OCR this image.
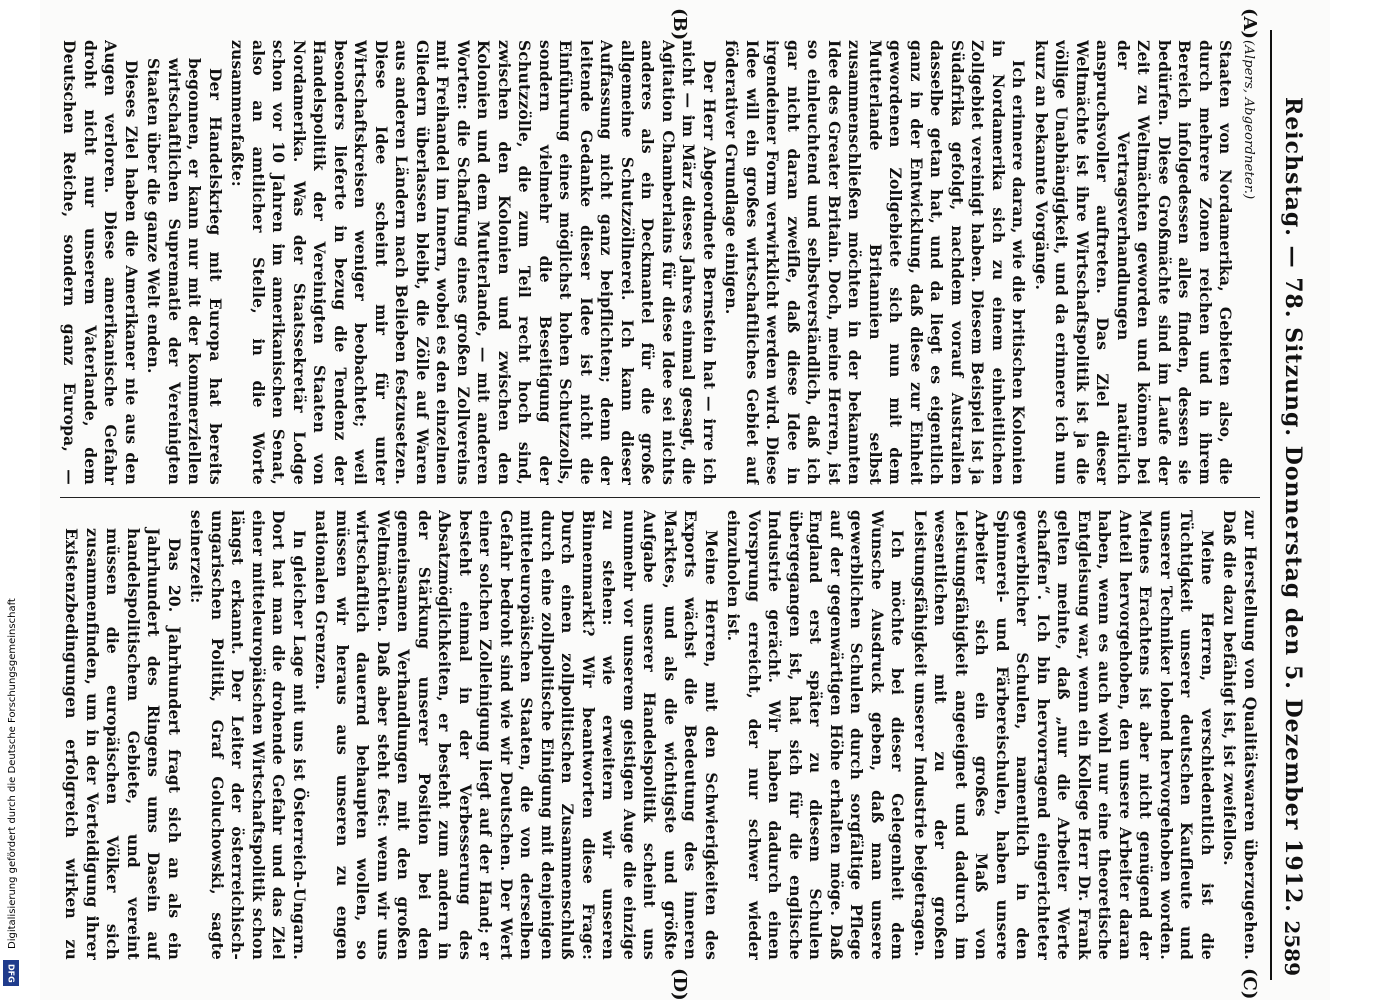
Reichstag. — 78. Sitzung. Donnerstag den 5. Dezember 1912.
2589
(A)
(B)
(C)
(D)

(Alpers, Abgeordneter.)

Staaten von Nordamerika, Gebieten also, die durch mehrere Zonen reichen und in ihrem Bereich infolgedessen alles finden, dessen sie bedürfen. Diese Großmächte sind im Laufe der Zeit zu Weltmächten geworden und können bei der Vertragsverhandlungen natürlich anspruchsvoller auftreten. Das Ziel dieser Weltmächte ist ihre Wirtschaftspolitik ist ja die völlige Unabhängigkeit, und da erinnere ich nun kurz an bekannte Vorgänge.

Ich erinnere daran, wie die britischen Kolonien in Nordamerika sich zu einem einheitlichen Zollgebiet vereinigt haben. Diesem Beispiel ist ja Südafrika gefolgt, nachdem vorauf Australien dasselbe getan hat, und da liegt es eigentlich ganz in der Entwicklung, daß diese zur Einheit gewordenen Zollgebiete sich nun mit dem Mutterlande Britannien selbst zusammenschließen möchten in der bekannten Idee des Greater Britain. Doch, meine Herren, ist so einleuchtend und selbstverständlich, daß ich gar nicht daran zweifle, daß diese Idee in irgendeiner Form verwirklicht werden wird. Diese Idee will ein großes wirtschaftliches Gebiet auf föderativer Grundlage einigen.

Der Herr Abgeordnete Bernstein hat — irre ich nicht — im März dieses Jahres einmal gesagt, die Agitation Chamberlains für diese Idee sei nichts anderes als ein Deckmantel für die große allgemeine Schutzzöllnerei. Ich kann dieser Auffassung nicht ganz beipflichten; denn der leitende Gedanke dieser Idee ist nicht die Einführung eines möglichst hohen Schutzzolls, sondern vielmehr die Beseitigung der Schutzzölle, die zum Teil recht hoch sind, zwischen den Kolonien und zwischen den Kolonien und dem Mutterlande, — mit anderen Worten: die Schaffung eines großen Zollvereins mit Freihandel im Innern, wobei es den einzelnen Gliedern überlassen bleibt, die Zölle auf Waren aus anderen Ländern nach Belieben festzusetzen. Diese Idee scheint mir für unter Wirtschaftskreisen weniger beobachtet; weil besonders lieferte in bezug die Tendenz der Handelspolitik der Vereinigten Staaten von Nordamerika. Was der Staatssekretär Lodge schon vor 10 Jahren im amerikanischen Senat, also an amtlicher Stelle, in die Worte zusammenfaßte:

Der Handelskrieg mit Europa hat bereits begonnen, er kann nur mit der kommerziellen wirtschaftlichen Suprematie der Vereinigten Staaten über die ganze Welt enden.

Dieses Ziel haben die Amerikaner nie aus den Augen verloren. Diese amerikanische Gefahr droht nicht nur unserem Vaterlande, dem Deutschen Reiche, sondern ganz Europa, —

zur Herstellung von Qualitätswaren überzugehen. Daß die dazu befähigt ist, ist zweifellos.

Meine Herren, verschiedentlich ist die Tüchtigkeit unserer deutschen Kaufleute und unserer Techniker lobend hervorgehoben worden. Meines Erachtens ist aber nicht genügend der Anteil hervorgehoben, den unsere Arbeiter daran haben, wenn es auch wohl nur eine theoretische Entgleisung war, wenn ein Kollege Herr Dr. Frank gelten meinte, daß „nur die Arbeiter Werte schaffen“. Ich bin hervorragend eingerichteter gewerblicher Schulen, namentlich in den Spinnerei- und Färbereischulen, haben unsere Arbeiter sich ein großes Maß von Leistungsfähigkeit angeeignet und dadurch im wesentlichen mit zu der großen Leistungsfähigkeit unserer Industrie beigetragen.

Ich möchte bei dieser Gelegenheit dem Wunsche Ausdruck geben, daß man unsere gewerblichen Schulen durch sorgfältige Pflege auf der gegenwärtigen Höhe erhalten möge. Daß England erst später zu diesem Schulen übergegangen ist, hat sich für die englische Industrie gerächt. Wir haben dadurch einen Vorsprung erreicht, der nur schwer wieder einzuholen ist.

Meine Herren, mit den Schwierigkeiten des Exports wächst die Bedeutung des inneren Marktes, und als die wichtigste und größte Aufgabe unserer Handelspolitik scheint uns nunmehr vor unserem geistigen Auge die einzige zu stehen: wie erweitern wir unseren Binnenmarkt? Wir beantworten diese Frage: Durch einen zollpolitischen Zusammenschluß durch eine zollpolitische Einigung mit denjenigen mitteleuropäischen Staaten, die von derselben Gefahr bedroht sind wie wir Deutschen. Der Wert einer solchen Zolleinigung liegt auf der Hand; er besteht einmal in der Verbesserung des Absatzmöglichkeiten, er besteht zum andern in der Stärkung unserer Position bei den gemeinsamen Verhandlungen mit den großen Weltmächten. Daß aber steht fest: wenn wir uns wirtschaftlich dauernd behaupten wollen, so müssen wir heraus aus unseren zu engen nationalen Grenzen.

In gleicher Lage mit uns ist Österreich-Ungarn. Dort hat man die drohende Gefahr und das Ziel einer mitteleuropäischen Wirtschaftspolitik schon längst erkannt. Der Leiter der österreichisch-ungarischen Politik, Graf Goluchowski, sagte seinerzeit:

Das 20. Jahrhundert fragt sich an als ein Jahrhundert des Ringens ums Dasein auf handelspolitischem Gebiete, und vereint müssen die europäischen Völker sich zusammenfinden, um in der Verteidigung ihrer Existenzbedingungen erfolgreich wirken zu

Digitalisierung gefördert durch die Deutsche Forschungsgemeinschaft
DFG
